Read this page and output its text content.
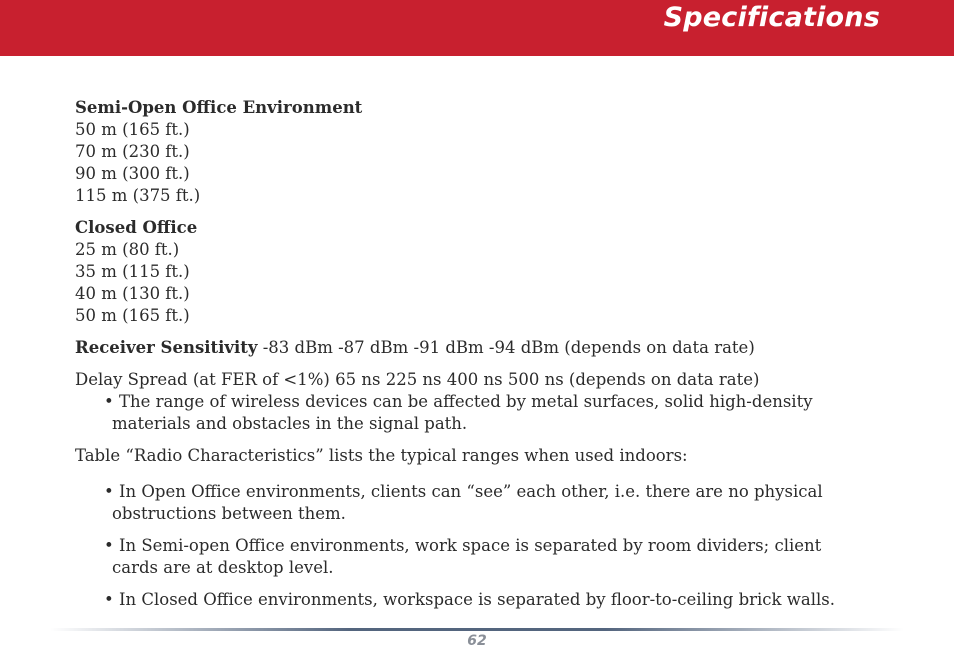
Specifications
Semi-Open Office Environment
50 m (165 ft.)
70 m (230 ft.)
90 m (300 ft.)
115 m (375 ft.)
Closed Office
25 m (80 ft.)
35 m (115 ft.)
40 m (130 ft.)
50 m (165 ft.)
Receiver Sensitivity -83 dBm -87 dBm -91 dBm -94 dBm (depends on data rate)
Delay Spread (at FER of <1%) 65 ns 225 ns 400 ns 500 ns (depends on data rate)
• The range of wireless devices can be affected by metal surfaces, solid high-density
materials and obstacles in the signal path.
Table “Radio Characteristics” lists the typical ranges when used indoors:
• In Open Office environments, clients can “see” each other, i.e. there are no physical
obstructions between them.
• In Semi-open Office environments, work space is separated by room dividers; client
cards are at desktop level.
• In Closed Office environments, workspace is separated by floor-to-ceiling brick walls.
62
